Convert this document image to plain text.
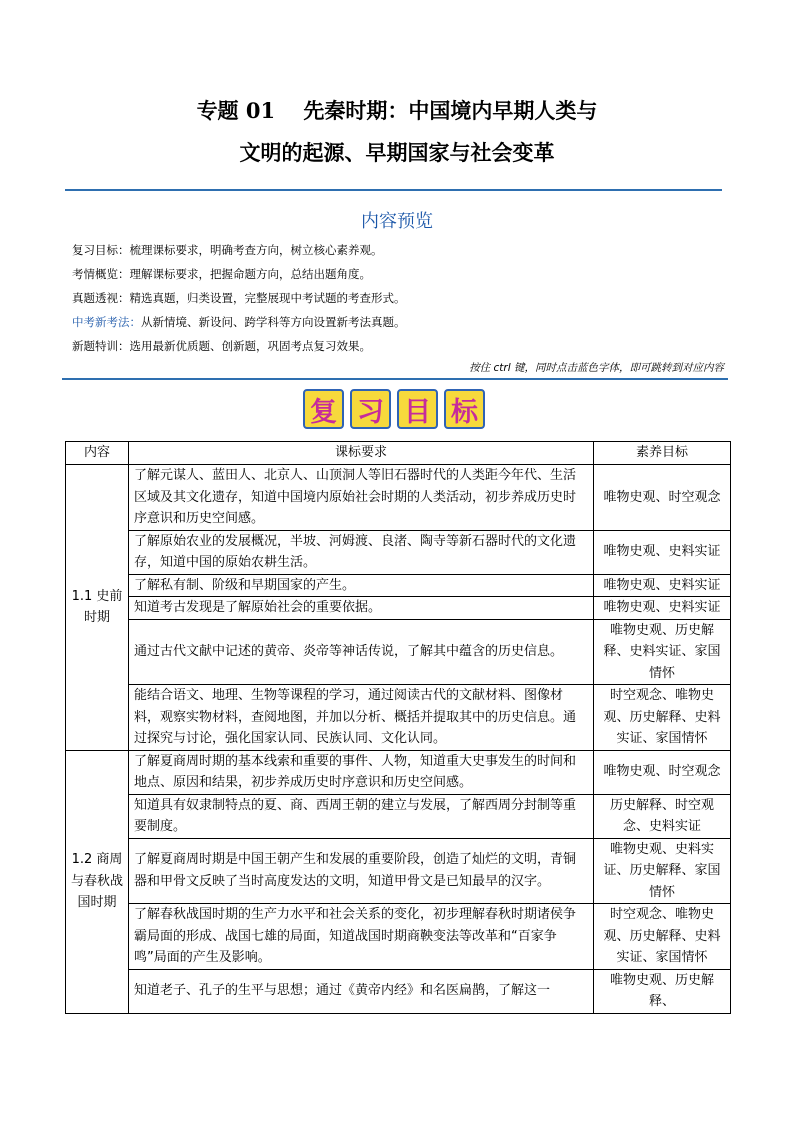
专题 01　 先秦时期：中国境内早期人类与
文明的起源、早期国家与社会变革
内容预览
复习目标：梳理课标要求，明确考查方向，树立核心素养观。
考情概览：理解课标要求，把握命题方向，总结出题角度。
真题透视：精选真题，归类设置，完整展现中考试题的考查形式。
中考新考法：从新情境、新设问、跨学科等方向设置新考法真题。
新题特训：选用最新优质题、创新题，巩固考点复习效果。
按住 ctrl 键，同时点击蓝色字体，即可跳转到对应内容
复 习 目 标
内容	课标要求	素养目标
1.1 史前时期	了解元谋人、蓝田人、北京人、山顶洞人等旧石器时代的人类距今年代、生活区域及其文化遗存，知道中国境内原始社会时期的人类活动，初步养成历史时序意识和历史空间感。	唯物史观、时空观念
	了解原始农业的发展概况，半坡、河姆渡、良渚、陶寺等新石器时代的文化遗存，知道中国的原始农耕生活。	唯物史观、史料实证
	了解私有制、阶级和早期国家的产生。	唯物史观、史料实证
	知道考古发现是了解原始社会的重要依据。	唯物史观、史料实证
	通过古代文献中记述的黄帝、炎帝等神话传说，了解其中蕴含的历史信息。	唯物史观、历史解释、史料实证、家国情怀
	能结合语文、地理、生物等课程的学习，通过阅读古代的文献材料、图像材料，观察实物材料，查阅地图，并加以分析、概括并提取其中的历史信息。通过探究与讨论，强化国家认同、民族认同、文化认同。	时空观念、唯物史观、历史解释、史料实证、家国情怀
1.2 商周与春秋战国时期	了解夏商周时期的基本线索和重要的事件、人物，知道重大史事发生的时间和地点、原因和结果，初步养成历史时序意识和历史空间感。	唯物史观、时空观念
	知道具有奴隶制特点的夏、商、西周王朝的建立与发展，了解西周分封制等重要制度。	历史解释、时空观念、史料实证
	了解夏商周时期是中国王朝产生和发展的重要阶段，创造了灿烂的文明，青铜器和甲骨文反映了当时高度发达的文明，知道甲骨文是已知最早的汉字。	唯物史观、史料实证、历史解释、家国情怀
	了解春秋战国时期的生产力水平和社会关系的变化，初步理解春秋时期诸侯争霸局面的形成、战国七雄的局面，知道战国时期商鞅变法等改革和“百家争鸣”局面的产生及影响。	时空观念、唯物史观、历史解释、史料实证、家国情怀
	知道老子、孔子的生平与思想；通过《黄帝内经》和名医扁鹊，了解这一	唯物史观、历史解释、
